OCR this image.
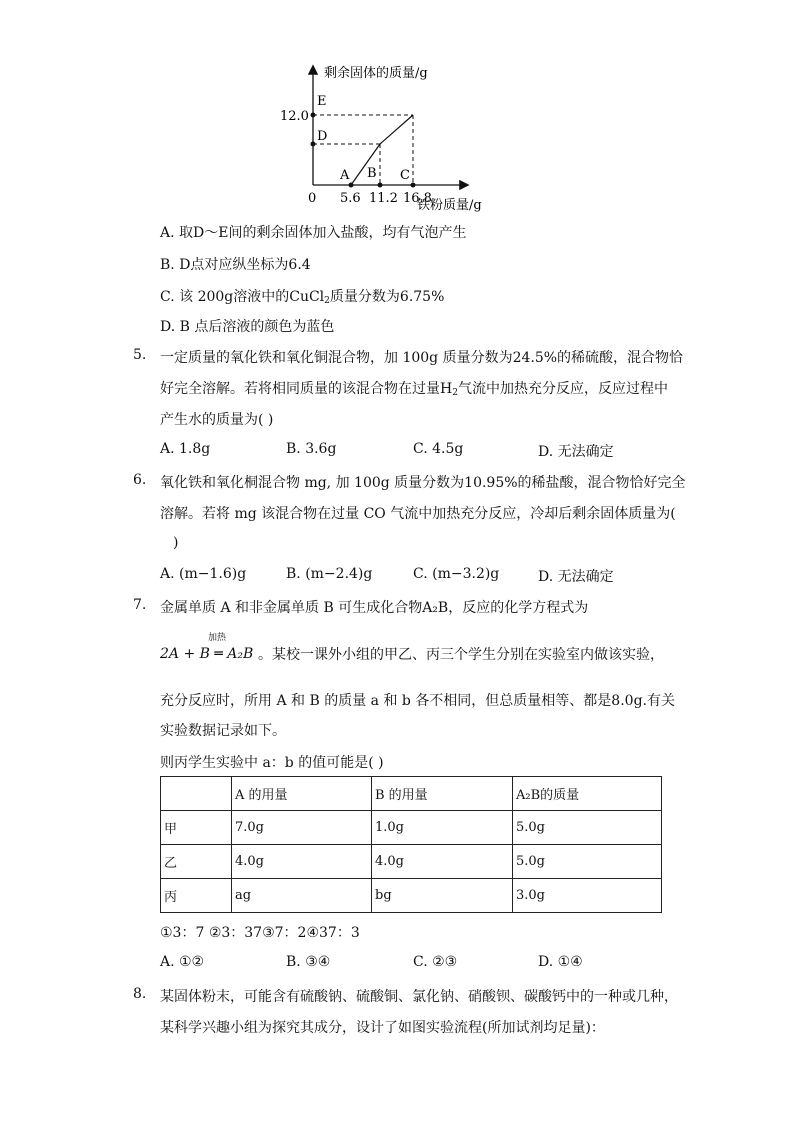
剩余固体的质量/g
E
12.0
D
A B C
0 5.6 11.2 16.8
铁粉质量/g
A. 取D～E间的剩余固体加入盐酸，均有气泡产生
B. D点对应纵坐标为6.4
C. 该 200g溶液中的CuCl$_2$质量分数为6.75%
D. B 点后溶液的颜色为蓝色
5. 一定质量的氧化铁和氧化铜混合物，加 100g 质量分数为24.5%的稀硫酸，混合物恰
好完全溶解。若将相同质量的该混合物在过量$H_2$气流中加热充分反应，反应过程中
产生水的质量为( )
A. 1.8g	B. 3.6g	C. 4.5g	D. 无法确定
6. 氧化铁和氧化桐混合物 mg, 加 100g 质量分数为10.95%的稀盐酸，混合物恰好完全
溶解。若将 mg 该混合物在过量 CO 气流中加热充分反应，冷却后剩余固体质量为(
)
A. (m−1.6)g	B. (m−2.4)g	C. (m−3.2)g	D. 无法确定
7. 金属单质 A 和非金属单质 B 可生成化合物A₂B，反应的化学方程式为
加热
2A + B ═ A₂B 。某校一课外小组的甲乙、丙三个学生分别在实验室内做该实验，
充分反应时，所用 A 和 B 的质量 a 和 b 各不相同，但总质量相等、都是8.0g.有关
实验数据记录如下。
则丙学生实验中 a：b 的值可能是( )
	A 的用量	B 的用量	A₂B的质量
甲	7.0g	1.0g	5.0g
乙	4.0g	4.0g	5.0g
丙	ag	bg	3.0g
①3：7 ②3：37③7：2④37：3
A. ①②	B. ③④	C. ②③	D. ①④
8. 某固体粉末，可能含有硫酸钠、硫酸铜、氯化钠、硝酸钡、碳酸钙中的一种或几种，
某科学兴趣小组为探究其成分，设计了如图实验流程(所加试剂均足量)：
